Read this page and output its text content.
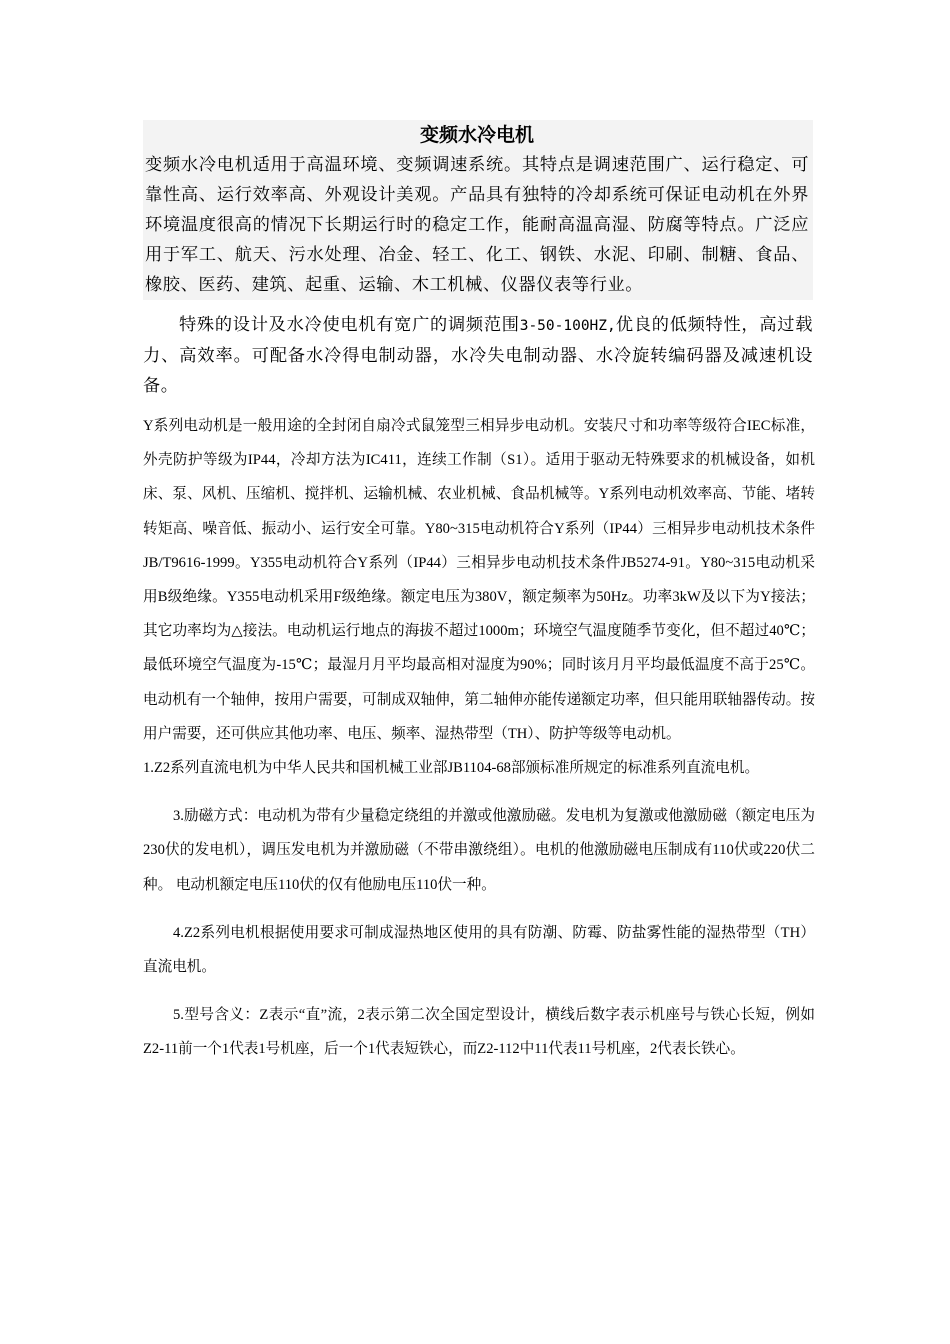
变频水冷电机

变频水冷电机适用于高温环境、变频调速系统。其特点是调速范围广、运行稳定、可靠性高、运行效率高、外观设计美观。产品具有独特的冷却系统可保证电动机在外界环境温度很高的情况下长期运行时的稳定工作，能耐高温高湿、防腐等特点。广泛应用于军工、航天、污水处理、冶金、轻工、化工、钢铁、水泥、印刷、制糖、食品、橡胶、医药、建筑、起重、运输、木工机械、仪器仪表等行业。

特殊的设计及水冷使电机有宽广的调频范围3-50-100HZ,优良的低频特性，高过载力、高效率。可配备水冷得电制动器，水冷失电制动器、水冷旋转编码器及减速机设备。

Y系列电动机是一般用途的全封闭自扇冷式鼠笼型三相异步电动机。安装尺寸和功率等级符合IEC标准，外壳防护等级为IP44，冷却方法为IC411，连续工作制（S1）。适用于驱动无特殊要求的机械设备，如机床、泵、风机、压缩机、搅拌机、运输机械、农业机械、食品机械等。Y系列电动机效率高、节能、堵转转矩高、噪音低、振动小、运行安全可靠。Y80~315电动机符合Y系列（IP44）三相异步电动机技术条件JB/T9616-1999。Y355电动机符合Y系列（IP44）三相异步电动机技术条件JB5274-91。Y80~315电动机采用B级绝缘。Y355电动机采用F级绝缘。额定电压为380V，额定频率为50Hz。功率3kW及以下为Y接法；其它功率均为△接法。电动机运行地点的海拔不超过1000m；环境空气温度随季节变化，但不超过40℃；最低环境空气温度为-15℃；最湿月月平均最高相对湿度为90%；同时该月月平均最低温度不高于25℃。电动机有一个轴伸，按用户需要，可制成双轴伸，第二轴伸亦能传递额定功率，但只能用联轴器传动。按用户需要，还可供应其他功率、电压、频率、湿热带型（TH）、防护等级等电动机。

1.Z2系列直流电机为中华人民共和国机械工业部JB1104-68部颁标准所规定的标准系列直流电机。

3.励磁方式：电动机为带有少量稳定绕组的并激或他激励磁。发电机为复激或他激励磁（额定电压为230伏的发电机），调压发电机为并激励磁（不带串激绕组）。电机的他激励磁电压制成有110伏或220伏二种。 电动机额定电压110伏的仅有他励电压110伏一种。

4.Z2系列电机根据使用要求可制成湿热地区使用的具有防潮、防霉、防盐雾性能的湿热带型（TH）直流电机。

5.型号含义：Z表示“直”流，2表示第二次全国定型设计，横线后数字表示机座号与铁心长短，例如Z2-11前一个1代表1号机座，后一个1代表短铁心，而Z2-112中11代表11号机座，2代表长铁心。
